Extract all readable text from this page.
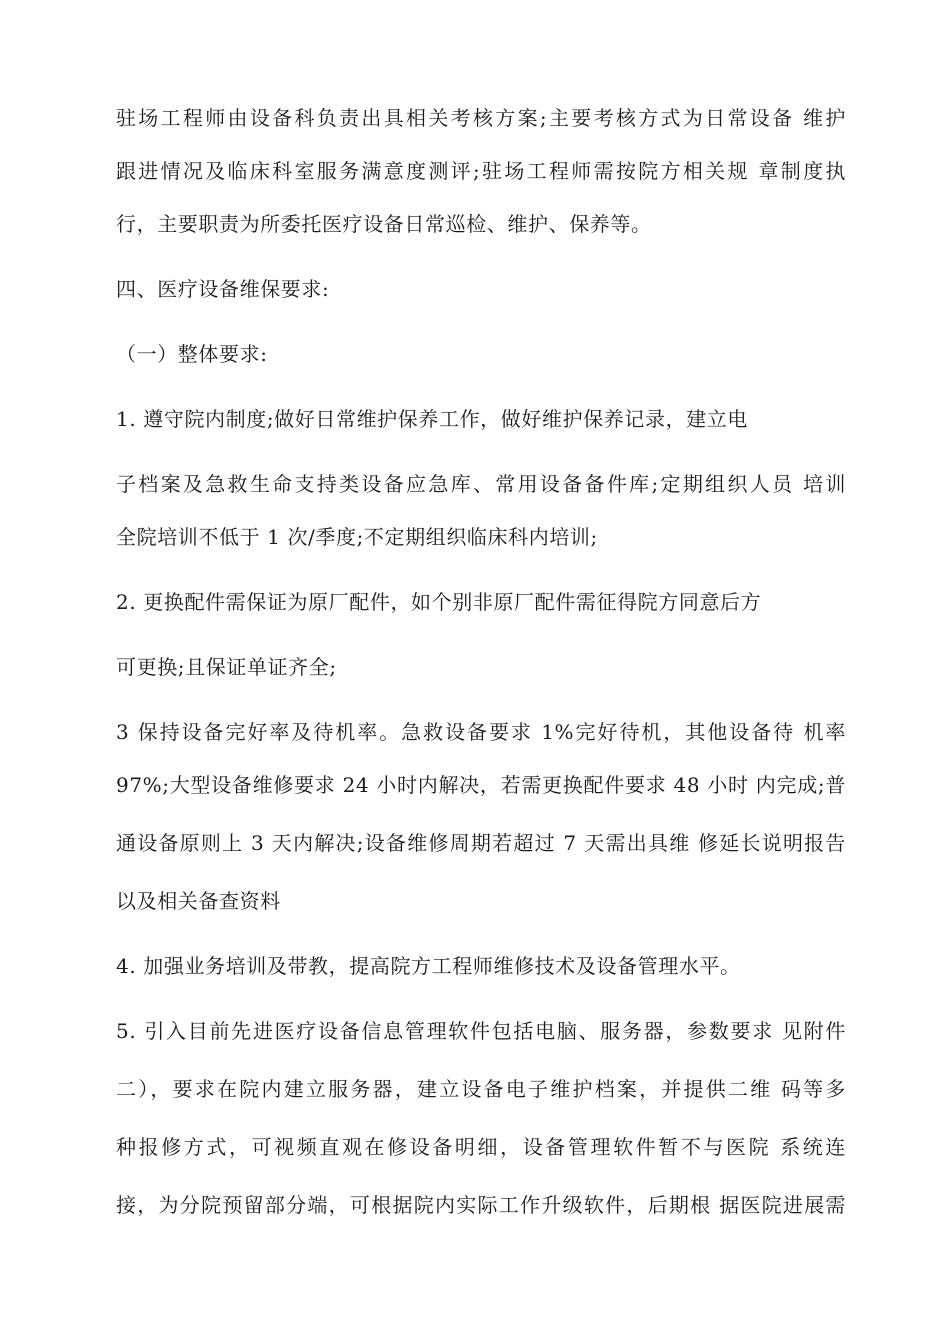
驻场工程师由设备科负责出具相关考核方案;主要考核方式为日常设备 维护
跟进情况及临床科室服务满意度测评;驻场工程师需按院方相关规 章制度执
行，主要职责为所委托医疗设备日常巡检、维护、保养等。
四、医疗设备维保要求:
（一）整体要求:
1. 遵守院内制度;做好日常维护保养工作，做好维护保养记录，建立电
子档案及急救生命支持类设备应急库、常用设备备件库;定期组织人员 培训
全院培训不低于 1 次/季度;不定期组织临床科内培训;
2. 更换配件需保证为原厂配件，如个别非原厂配件需征得院方同意后方
可更换;且保证单证齐全;
3 保持设备完好率及待机率。急救设备要求 1%完好待机，其他设备待 机率
97%;大型设备维修要求 24 小时内解决，若需更换配件要求 48 小时 内完成;普
通设备原则上 3 天内解决;设备维修周期若超过 7 天需出具维 修延长说明报告
以及相关备查资料
4. 加强业务培训及带教，提高院方工程师维修技术及设备管理水平。
5. 引入目前先进医疗设备信息管理软件包括电脑、服务器，参数要求 见附件
二），要求在院内建立服务器，建立设备电子维护档案，并提供二维 码等多
种报修方式，可视频直观在修设备明细，设备管理软件暂不与医院 系统连
接，为分院预留部分端，可根据院内实际工作升级软件，后期根 据医院进展需
